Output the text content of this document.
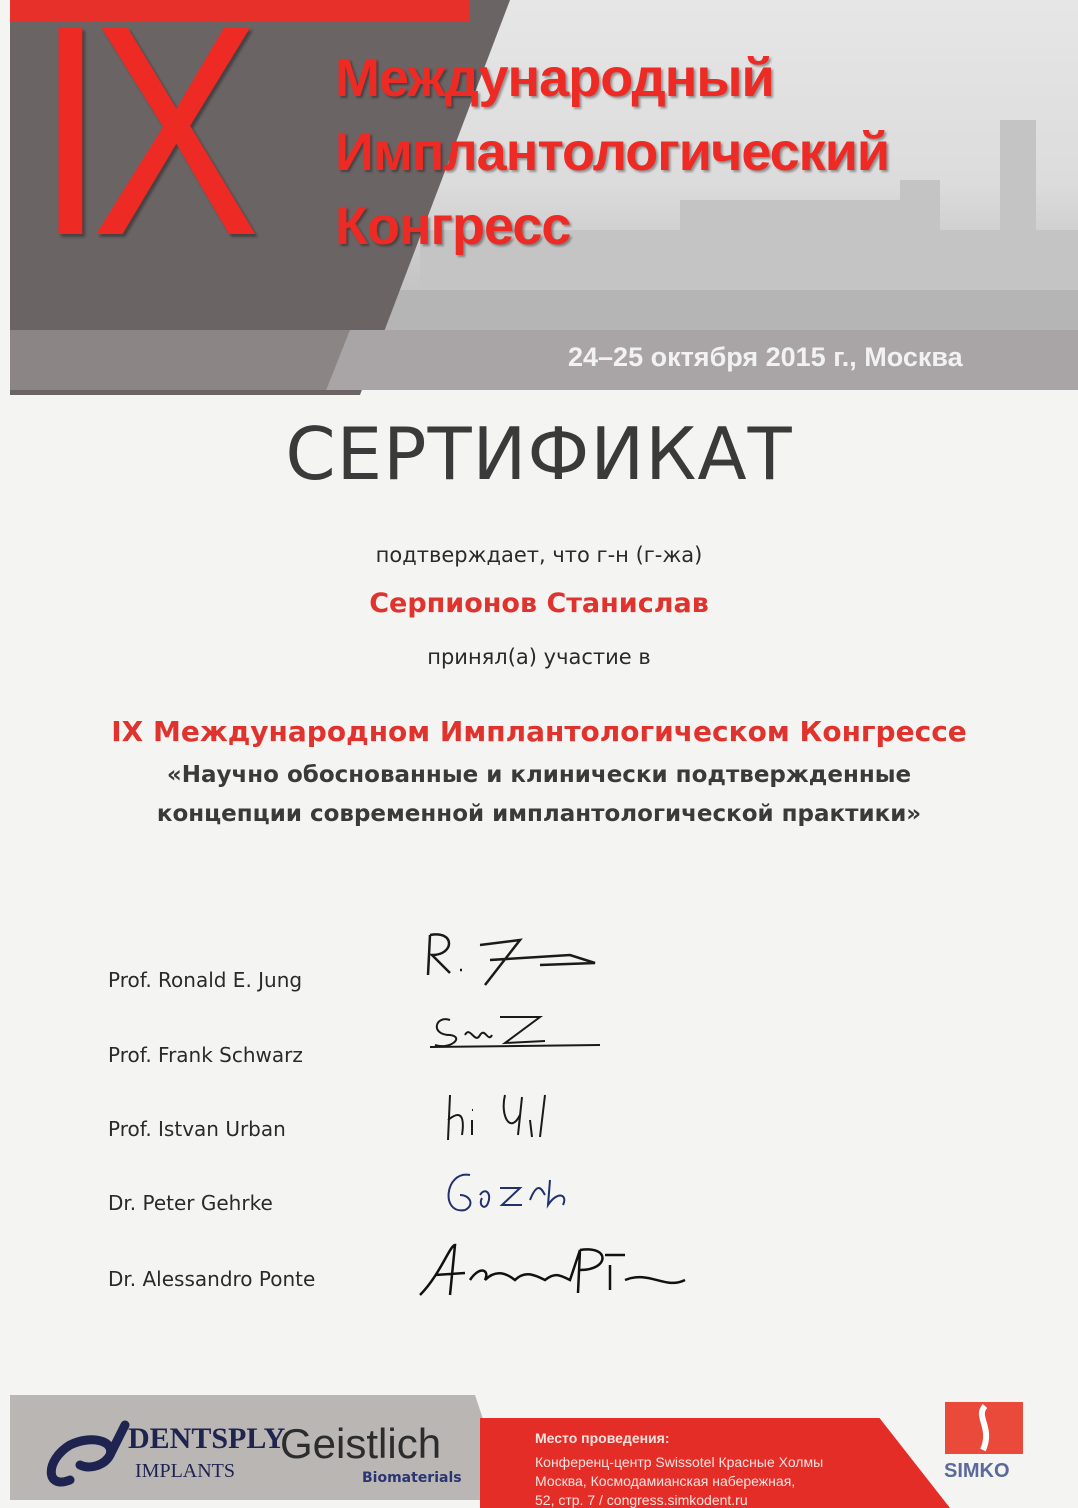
IX Международный
Имплантологический
Конгресс
24–25 октября 2015 г., Москва
СЕРТИФИКАТ
подтверждает, что г-н (г-жа)
Серпионов Станислав
принял(а) участие в
IX Международном Имплантологическом Конгрессе
«Научно обоснованные и клинически подтвержденные
концепции современной имплантологической практики»
Prof. Ronald E. Jung
Prof. Frank Schwarz
Prof. Istvan Urban
Dr. Peter Gehrke
Dr. Alessandro Ponte
DENTSPLY
IMPLANTS
Geistlich
Biomaterials
Место проведения:
Конференц-центр Swissotel Красные Холмы
Москва, Космодамианская набережная,
52, стр. 7 / congress.simkodent.ru
SIMKO
